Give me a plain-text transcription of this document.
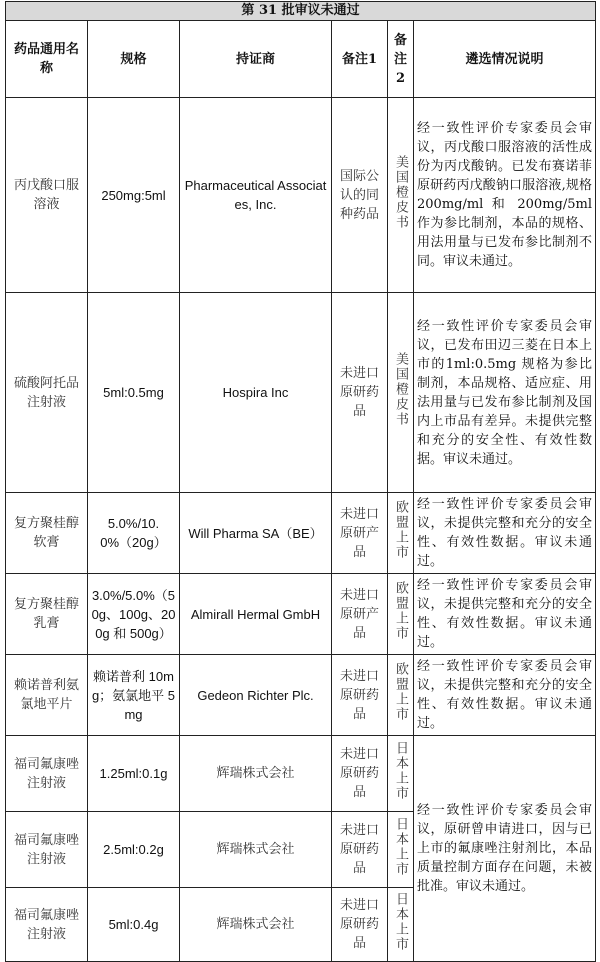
第 31 批审议未通过					
药品通用名称	规格	持证商	备注1	备注2	遴选情况说明
丙戊酸口服溶液	250mg:5ml	Pharmaceutical Associates, Inc.	国际公认的同种药品	美国橙皮书	经一致性评价专家委员会审议，丙戊酸口服溶液的活性成份为丙戊酸钠。已发布赛诺菲原研药丙戊酸钠口服溶液,规格 200mg/ml 和 200mg/5ml 作为参比制剂，本品的规格、用法用量与已发布参比制剂不同。审议未通过。
硫酸阿托品注射液	5ml:0.5mg	Hospira Inc	未进口原研药品	美国橙皮书	经一致性评价专家委员会审议，已发布田辺三菱在日本上市的1ml:0.5mg 规格为参比制剂，本品规格、适应症、用法用量与已发布参比制剂及国内上市品有差异。未提供完整和充分的安全性、有效性数据。审议未通过。
复方聚桂醇软膏	5.0%/10.0%（20g）	Will Pharma SA（BE）	未进口原研产品	欧盟上市	经一致性评价专家委员会审议，未提供完整和充分的安全性、有效性数据。审议未通过。
复方聚桂醇乳膏	3.0%/5.0%（50g、100g、200g 和 500g）	Almirall Hermal GmbH	未进口原研产品	欧盟上市	经一致性评价专家委员会审议，未提供完整和充分的安全性、有效性数据。审议未通过。
赖诺普利氨氯地平片	赖诺普利 10mg；氨氯地平 5mg	Gedeon Richter Plc.	未进口原研药品	欧盟上市	经一致性评价专家委员会审议，未提供完整和充分的安全性、有效性数据。审议未通过。
福司氟康唑注射液	1.25ml:0.1g	辉瑞株式会社	未进口原研药品	日本上市	经一致性评价专家委员会审议，原研曾申请进口，因与已上市的氟康唑注射剂比，本品质量控制方面存在问题，未被批准。审议未通过。
福司氟康唑注射液	2.5ml:0.2g	辉瑞株式会社	未进口原研药品	日本上市	
福司氟康唑注射液	5ml:0.4g	辉瑞株式会社	未进口原研药品	日本上市	
